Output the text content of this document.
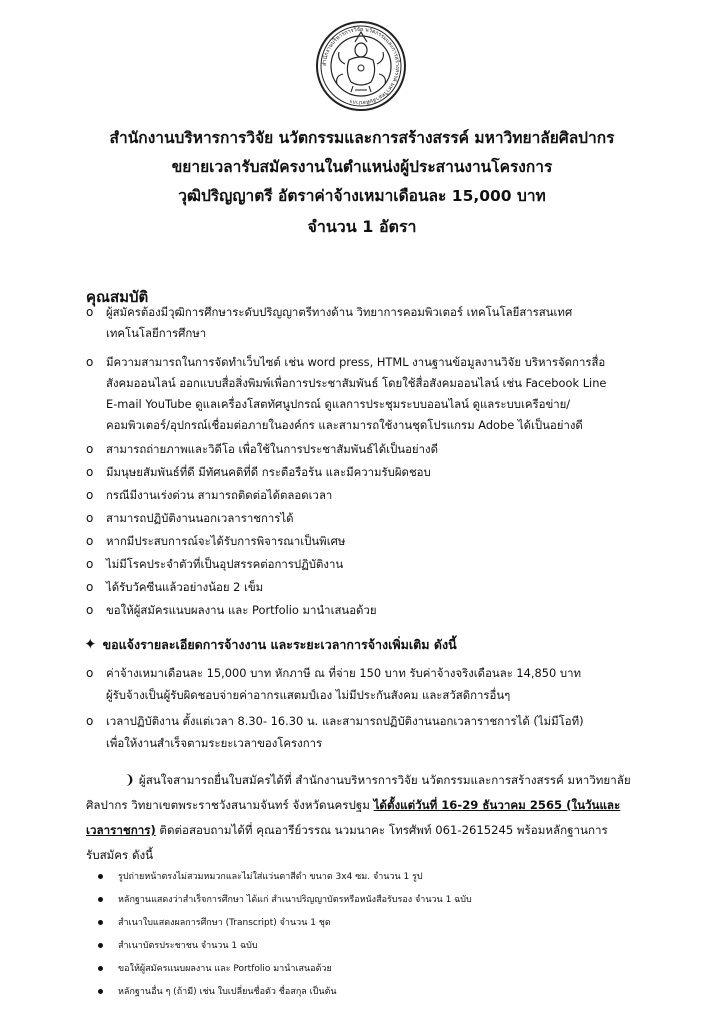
สำนักงานบริหารการวิจัย นวัตกรรมและการสร้างสรรค์ มหาวิทยาลัยศิลปากร
สำนักงานบริหารการวิจัย นวัตกรรมและการสร้างสรรค์ มหาวิทยาลัยศิลปากร
ขยายเวลารับสมัครงานในตำแหน่งผู้ประสานงานโครงการ
วุฒิปริญญาตรี อัตราค่าจ้างเหมาเดือนละ 15,000 บาท
จำนวน 1 อัตรา
คุณสมบัติ
o ผู้สมัครต้องมีวุฒิการศึกษาระดับปริญญาตรีทางด้าน วิทยาการคอมพิวเตอร์ เทคโนโลยีสารสนเทศ
เทคโนโลยีการศึกษา
o มีความสามารถในการจัดทำเว็บไซต์ เช่น word press, HTML งานฐานข้อมูลงานวิจัย บริหารจัดการสื่อ
สังคมออนไลน์ ออกแบบสื่อสิ่งพิมพ์เพื่อการประชาสัมพันธ์ โดยใช้สื่อสังคมออนไลน์ เช่น Facebook Line
E-mail YouTube ดูแลเครื่องโสตทัศนูปกรณ์ ดูแลการประชุมระบบออนไลน์ ดูแลระบบเครือข่าย/
คอมพิวเตอร์/อุปกรณ์เชื่อมต่อภายในองค์กร และสามารถใช้งานชุดโปรแกรม Adobe ได้เป็นอย่างดี
o สามารถถ่ายภาพและวิดีโอ เพื่อใช้ในการประชาสัมพันธ์ได้เป็นอย่างดี
o มีมนุษยสัมพันธ์ที่ดี มีทัศนคติที่ดี กระตือรือร้น และมีความรับผิดชอบ
o กรณีมีงานเร่งด่วน สามารถติดต่อได้ตลอดเวลา
o สามารถปฏิบัติงานนอกเวลาราชการได้
o หากมีประสบการณ์จะได้รับการพิจารณาเป็นพิเศษ
o ไม่มีโรคประจำตัวที่เป็นอุปสรรคต่อการปฏิบัติงาน
o ได้รับวัคซีนแล้วอย่างน้อย 2 เข็ม
o ขอให้ผู้สมัครแนบผลงาน และ Portfolio มานำเสนอด้วย
✦ ขอแจ้งรายละเอียดการจ้างงาน และระยะเวลาการจ้างเพิ่มเติม ดังนี้
o ค่าจ้างเหมาเดือนละ 15,000 บาท หักภาษี ณ ที่จ่าย 150 บาท รับค่าจ้างจริงเดือนละ 14,850 บาท
ผู้รับจ้างเป็นผู้รับผิดชอบจ่ายค่าอากรแสตมป์เอง ไม่มีประกันสังคม และสวัสดิการอื่นๆ
o เวลาปฏิบัติงาน ตั้งแต่เวลา 8.30- 16.30 น. และสามารถปฏิบัติงานนอกเวลาราชการได้ (ไม่มีโอที)
เพื่อให้งานสำเร็จตามระยะเวลาของโครงการ
❩ ผู้สนใจสามารถยื่นใบสมัครได้ที่ สำนักงานบริหารการวิจัย นวัตกรรมและการสร้างสรรค์ มหาวิทยาลัย
ศิลปากร วิทยาเขตพระราชวังสนามจันทร์ จังหวัดนครปฐม ได้ตั้งแต่วันที่ 16-29 ธันวาคม 2565 (ในวันและ
เวลาราชการ) ติดต่อสอบถามได้ที่ คุณอารีย์วรรณ นวมนาคะ โทรศัพท์ 061-2615245 พร้อมหลักฐานการ
รับสมัคร ดังนี้
รูปถ่ายหน้าตรงไม่สวมหมวกและไม่ใส่แว่นตาสีดำ ขนาด 3x4 ซม. จำนวน 1 รูป
หลักฐานแสดงว่าสำเร็จการศึกษา ได้แก่ สำเนาปริญญาบัตรหรือหนังสือรับรอง จำนวน 1 ฉบับ
สำเนาใบแสดงผลการศึกษา (Transcript) จำนวน 1 ชุด
สำเนาบัตรประชาชน จำนวน 1 ฉบับ
ขอให้ผู้สมัครแนบผลงาน และ Portfolio มานำเสนอด้วย
หลักฐานอื่น ๆ (ถ้ามี) เช่น ใบเปลี่ยนชื่อตัว ชื่อสกุล เป็นต้น
